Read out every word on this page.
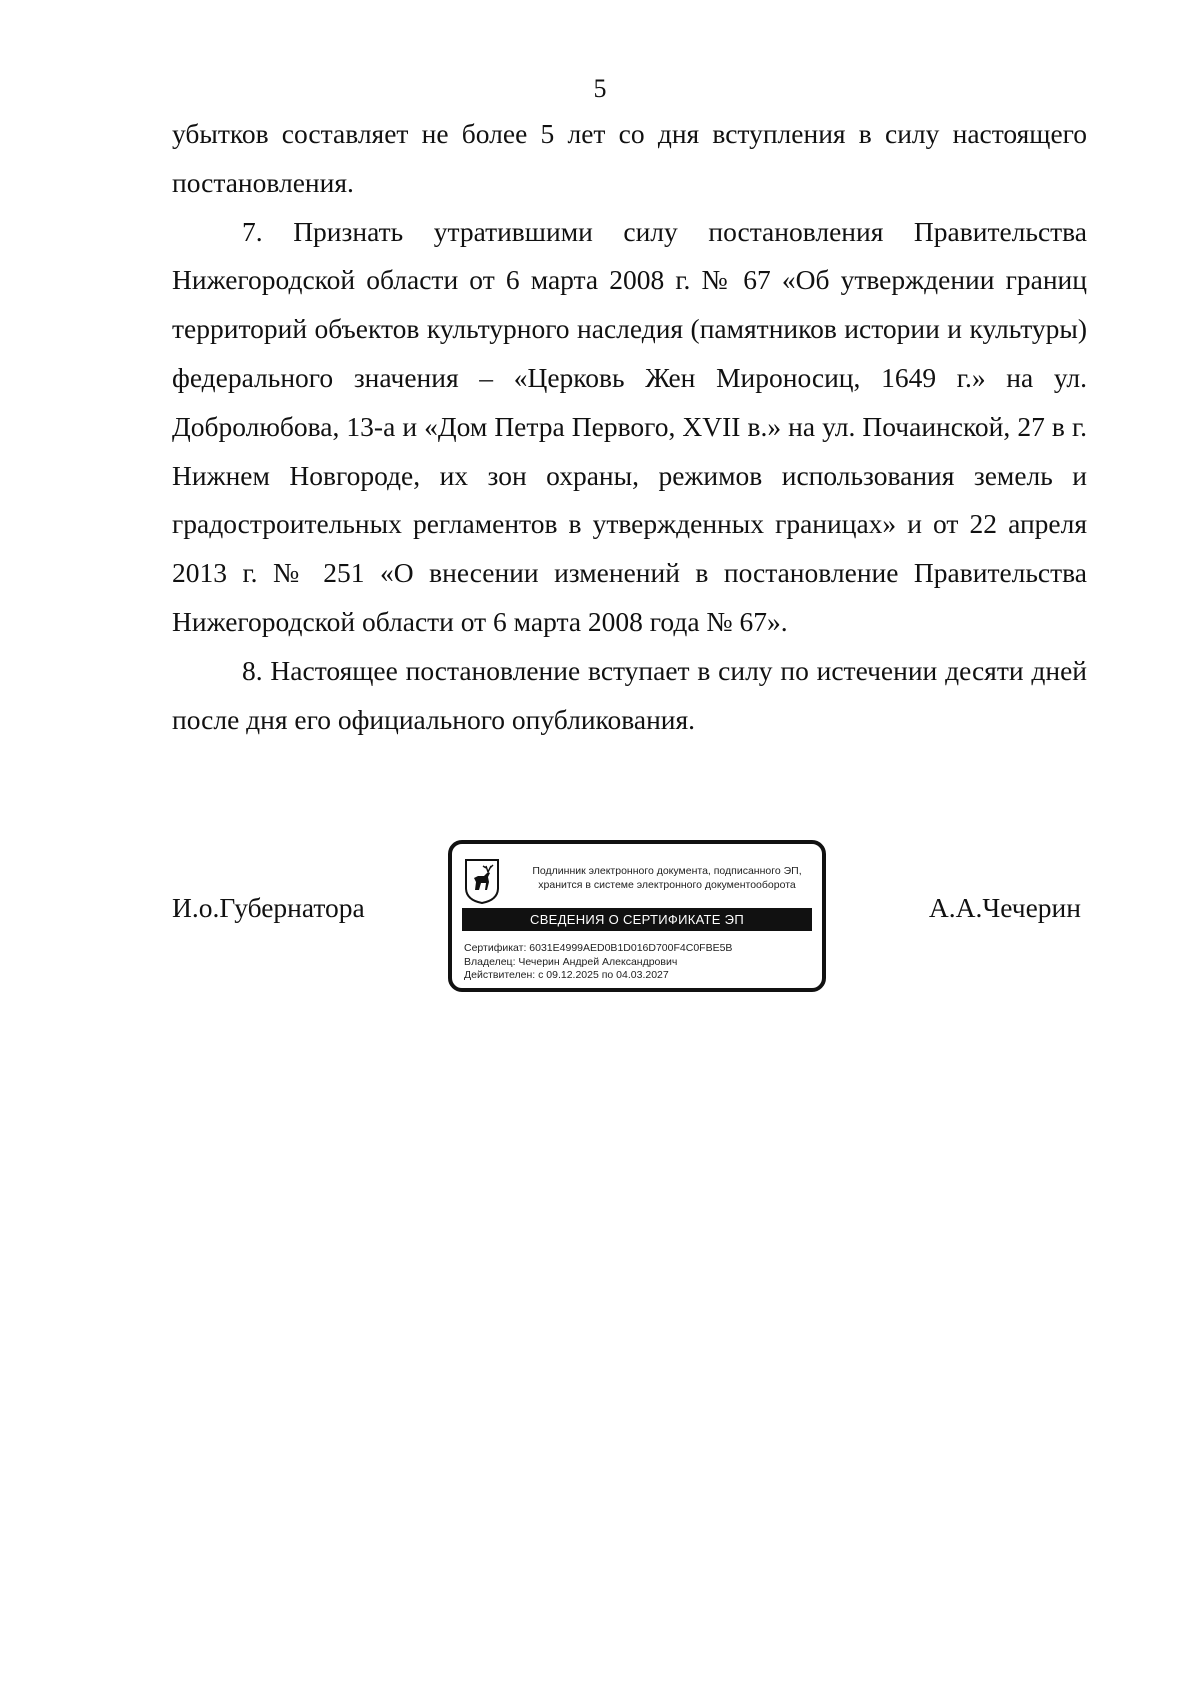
5

убытков составляет не более 5 лет со дня вступления в силу настоящего постановления.

7. Признать утратившими силу постановления Правительства Нижегородской области от 6 марта 2008 г. № 67 «Об утверждении границ территорий объектов культурного наследия (памятников истории и культуры) федерального значения – «Церковь Жен Мироносиц, 1649 г.» на ул. Добролюбова, 13-а и «Дом Петра Первого, XVII в.» на ул. Почаинской, 27 в г. Нижнем Новгороде, их зон охраны, режимов использования земель и градостроительных регламентов в утвержденных границах» и от 22 апреля 2013 г. № 251 «О внесении изменений в постановление Правительства Нижегородской области от 6 марта 2008 года № 67».

8. Настоящее постановление вступает в силу по истечении десяти дней после дня его официального опубликования.

И.о.Губернатора
Подлинник электронного документа, подписанного ЭП,
хранится в системе электронного документооборота
СВЕДЕНИЯ О СЕРТИФИКАТЕ ЭП
Сертификат: 6031E4999AED0B1D016D700F4C0FBE5B
Владелец: Чечерин Андрей Александрович
Действителен: с 09.12.2025 по 04.03.2027
А.А.Чечерин
